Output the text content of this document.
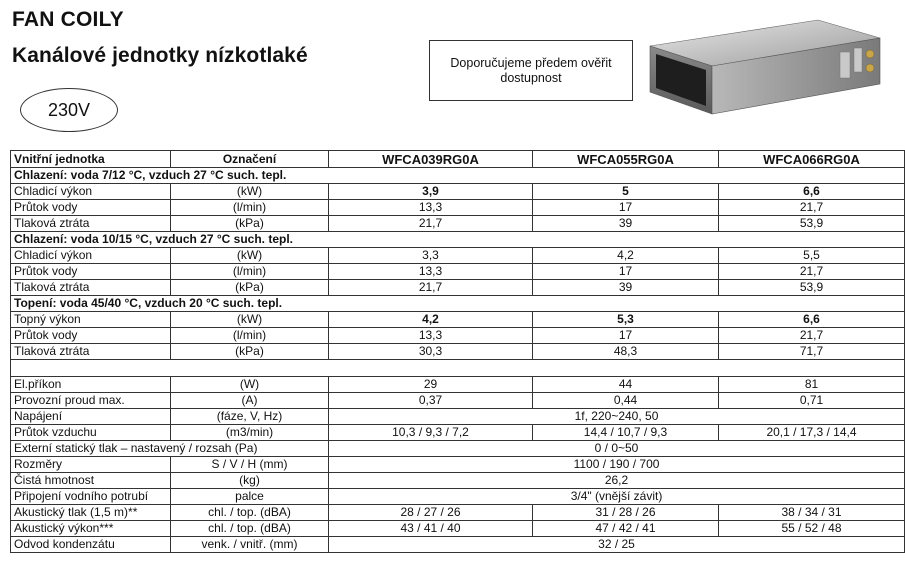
FAN COILY
Kanálové jednotky nízkotlaké
230V
Doporučujeme předem ověřit dostupnost
Vnitřní jednotka	Označení	WFCA039RG0A	WFCA055RG0A	WFCA066RG0A
Chlazení: voda 7/12 °C, vzduch 27 °C such. tepl.				
Chladicí výkon	(kW)	3,9	5	6,6
Průtok vody	(l/min)	13,3	17	21,7
Tlaková ztráta	(kPa)	21,7	39	53,9
Chlazení: voda 10/15 °C, vzduch 27 °C such. tepl.				
Chladicí výkon	(kW)	3,3	4,2	5,5
Průtok vody	(l/min)	13,3	17	21,7
Tlaková ztráta	(kPa)	21,7	39	53,9
Topení: voda 45/40 °C, vzduch 20 °C such. tepl.				
Topný výkon	(kW)	4,2	5,3	6,6
Průtok vody	(l/min)	13,3	17	21,7
Tlaková ztráta	(kPa)	30,3	48,3	71,7

El.příkon	(W)	29	44	81
Provozní proud max.	(A)	0,37	0,44	0,71
Napájení	(fáze, V, Hz)	1f, 220~240, 50		
Průtok vzduchu	(m3/min)	10,3 / 9,3 / 7,2	14,4 / 10,7 / 9,3	20,1 / 17,3 / 14,4
Externí statický tlak – nastavený / rozsah (Pa)		0 / 0~50		
Rozměry	S / V / H (mm)	1100 / 190 / 700		
Čistá hmotnost	(kg)	26,2		
Připojení vodního potrubí	palce	3/4" (vnější závit)		
Akustický tlak (1,5 m)**	chl. / top. (dBA)	28 / 27 / 26	31 / 28 / 26	38 / 34 / 31
Akustický výkon***	chl. / top. (dBA)	43 / 41 / 40	47 / 42 / 41	55 / 52 / 48
Odvod kondenzátu	venk. / vnitř. (mm)	32 / 25		
